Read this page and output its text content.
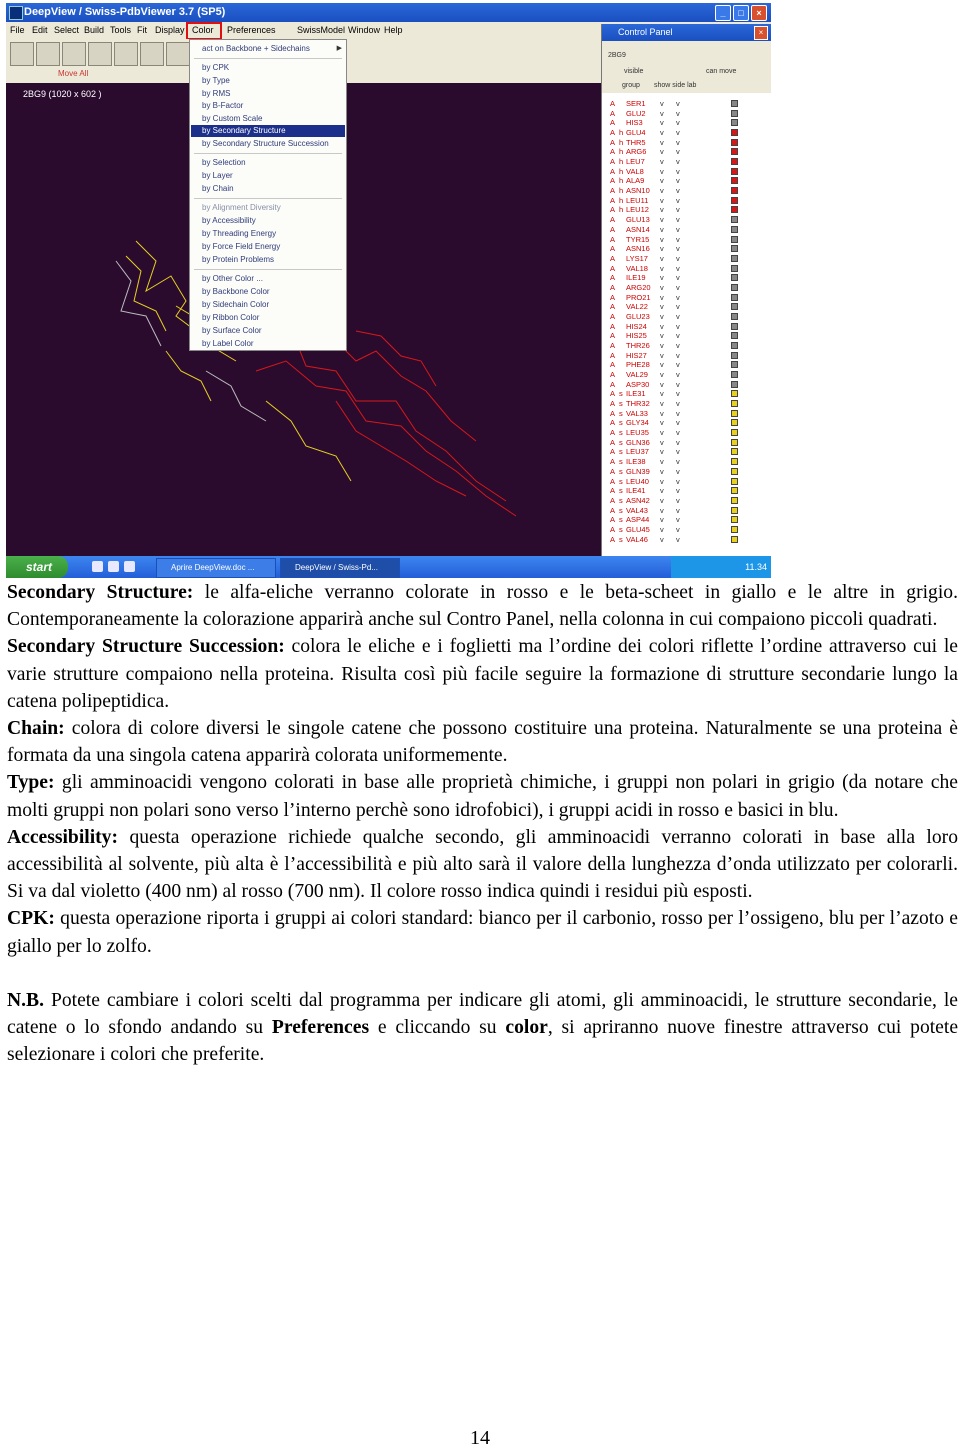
DeepView / Swiss-PdbViewer 3.7 (SP5)	_	□	×
File Edit Select Build Tools Fit Display Color Preferences SwissModel Window Help
Move All
2BG9 (1020 x 602 )
▶
act on Backbone + Sidechains
by CPK
by Type
by RMS
by B-Factor
by Custom Scale
by Secondary Structure
by Secondary Structure Succession
by Selection
by Layer
by Chain
by Alignment Diversity
by Accessibility
by Threading Energy
by Force Field Energy
by Protein Problems
by Other Color ...
by Backbone Color
by Sidechain Color
by Ribbon Color
by Surface Color
by Label Color
Control Panel	×
2BG9
visible	can move
group show side lab
A SER1 v v
A GLU2 v v
A HIS3 v v
A h GLU4 v v
A h THR5 v v
A h ARG6 v v
A h LEU7 v v
A h VAL8 v v
A h ALA9 v v
A h ASN10 v v
A h LEU11 v v
A h LEU12 v v
A GLU13 v v
A ASN14 v v
A TYR15 v v
A ASN16 v v
A LYS17 v v
A VAL18 v v
A ILE19 v v
A ARG20 v v
A PRO21 v v
A VAL22 v v
A GLU23 v v
A HIS24 v v
A HIS25 v v
A THR26 v v
A HIS27 v v
A PHE28 v v
A VAL29 v v
A ASP30 v v
A s ILE31 v v
A s THR32 v v
A s VAL33 v v
A s GLY34 v v
A s LEU35 v v
A s GLN36 v v
A s LEU37 v v
A s ILE38 v v
A s GLN39 v v
A s LEU40 v v
A s ILE41 v v
A s ASN42 v v
A s VAL43 v v
A s ASP44 v v
A s GLU45 v v
A s VAL46 v v
start	Aprire DeepView.doc ...	DeepView / Swiss-Pd...	11.34

Secondary Structure: le alfa-eliche verranno colorate in rosso e le beta-scheet in giallo e le altre in grigio. Contemporaneamente la colorazione apparirà anche sul Contro Panel, nella colonna in cui compaiono piccoli quadrati.

Secondary Structure Succession: colora le eliche e i foglietti ma l’ordine dei colori riflette l’ordine attraverso cui le varie strutture compaiono nella proteina. Risulta così più facile seguire la formazione di strutture secondarie lungo la catena polipeptidica.

Chain: colora di colore diversi le singole catene che possono costituire una proteina. Naturalmente se una proteina è formata da una singola catena apparirà colorata uniformemente.

Type: gli amminoacidi vengono colorati in base alle proprietà chimiche, i gruppi non polari in grigio (da notare che molti gruppi non polari sono verso l’interno perchè sono idrofobici), i gruppi acidi in rosso e basici in blu.

Accessibility: questa operazione richiede qualche secondo, gli amminoacidi verranno colorati in base alla loro accessibilità al solvente, più alta è l’accessibilità e più alto sarà il valore della lunghezza d’onda utilizzato per colorarli. Si va dal violetto (400 nm) al rosso (700 nm). Il colore rosso indica quindi i residui più esposti.

CPK: questa operazione riporta i gruppi ai colori standard: bianco per il carbonio, rosso per l’ossigeno, blu per l’azoto e giallo per lo zolfo.

N.B. Potete cambiare i colori scelti dal programma per indicare gli atomi, gli amminoacidi, le strutture secondarie, le catene o lo sfondo andando su Preferences e cliccando su color, si apriranno nuove finestre attraverso cui potete selezionare i colori che preferite.

14
